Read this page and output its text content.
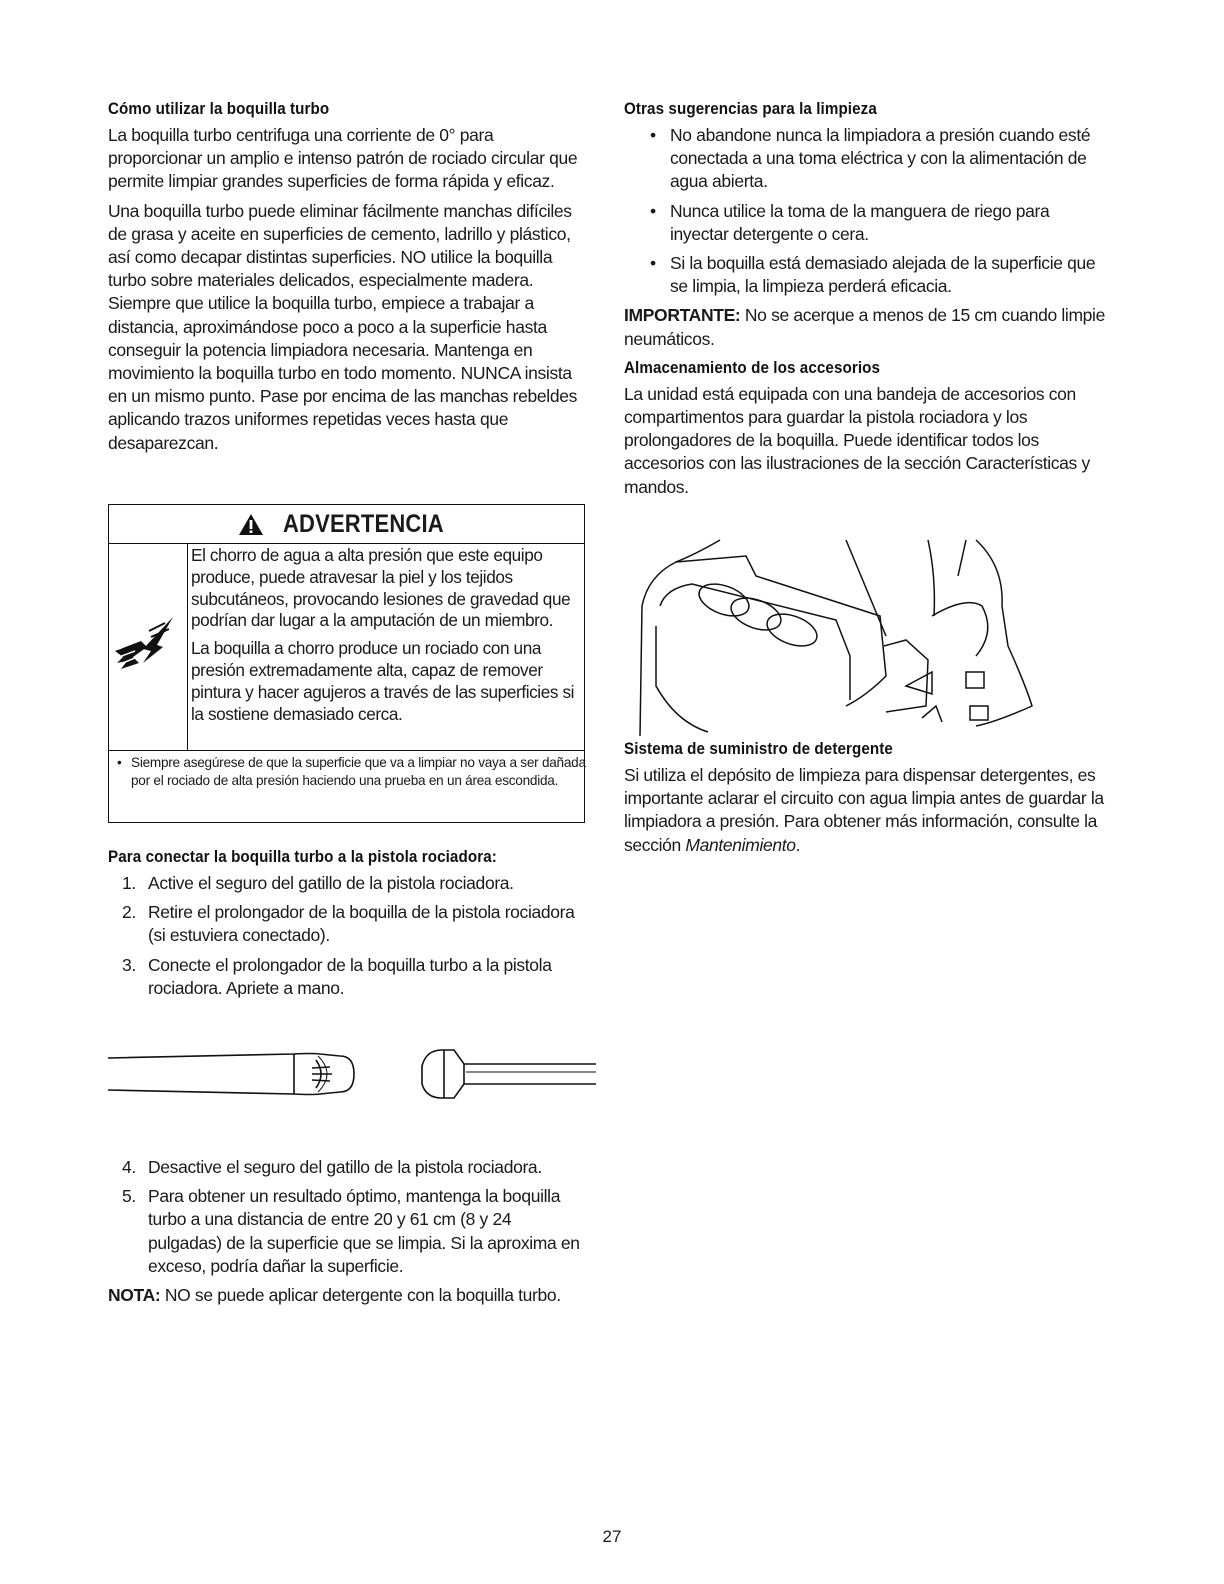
Cómo utilizar la boquilla turbo

La boquilla turbo centrifuga una corriente de 0° para proporcionar un amplio e intenso patrón de rociado circular que permite limpiar grandes superficies de forma rápida y eficaz.

Una boquilla turbo puede eliminar fácilmente manchas difíciles de grasa y aceite en superficies de cemento, ladrillo y plástico, así como decapar distintas superficies. NO utilice la boquilla turbo sobre materiales delicados, especialmente madera. Siempre que utilice la boquilla turbo, empiece a trabajar a distancia, aproximándose poco a poco a la superficie hasta conseguir la potencia limpiadora necesaria. Mantenga en movimiento la boquilla turbo en todo momento. NUNCA insista en un mismo punto. Pase por encima de las manchas rebeldes aplicando trazos uniformes repetidas veces hasta que desaparezcan.

ADVERTENCIA

El chorro de agua a alta presión que este equipo produce, puede atravesar la piel y los tejidos subcutáneos, provocando lesiones de gravedad que podrían dar lugar a la amputación de un miembro.

La boquilla a chorro produce un rociado con una presión extremadamente alta, capaz de remover pintura y hacer agujeros a través de las superficies si la sostiene demasiado cerca.

• Siempre asegúrese de que la superficie que va a limpiar no vaya a ser dañada por el rociado de alta presión haciendo una prueba en un área escondida.
Para conectar la boquilla turbo a la pistola rociadora:
1. Active el seguro del gatillo de la pistola rociadora.
2. Retire el prolongador de la boquilla de la pistola rociadora (si estuviera conectado).
3. Conecte el prolongador de la boquilla turbo a la pistola rociadora. Apriete a mano.
4. Desactive el seguro del gatillo de la pistola rociadora.
5. Para obtener un resultado óptimo, mantenga la boquilla turbo a una distancia de entre 20 y 61 cm (8 y 24 pulgadas) de la superficie que se limpia. Si la aproxima en exceso, podría dañar la superficie.

NOTA: NO se puede aplicar detergente con la boquilla turbo.

Otras sugerencias para la limpieza
• No abandone nunca la limpiadora a presión cuando esté conectada a una toma eléctrica y con la alimentación de agua abierta.
• Nunca utilice la toma de la manguera de riego para inyectar detergente o cera.
• Si la boquilla está demasiado alejada de la superficie que se limpia, la limpieza perderá eficacia.

IMPORTANTE: No se acerque a menos de 15 cm cuando limpie neumáticos.

Almacenamiento de los accesorios

La unidad está equipada con una bandeja de accesorios con compartimentos para guardar la pistola rociadora y los prolongadores de la boquilla. Puede identificar todos los accesorios con las ilustraciones de la sección Características y mandos.

Sistema de suministro de detergente

Si utiliza el depósito de limpieza para dispensar detergentes, es importante aclarar el circuito con agua limpia antes de guardar la limpiadora a presión. Para obtener más información, consulte la sección Mantenimiento.

27
